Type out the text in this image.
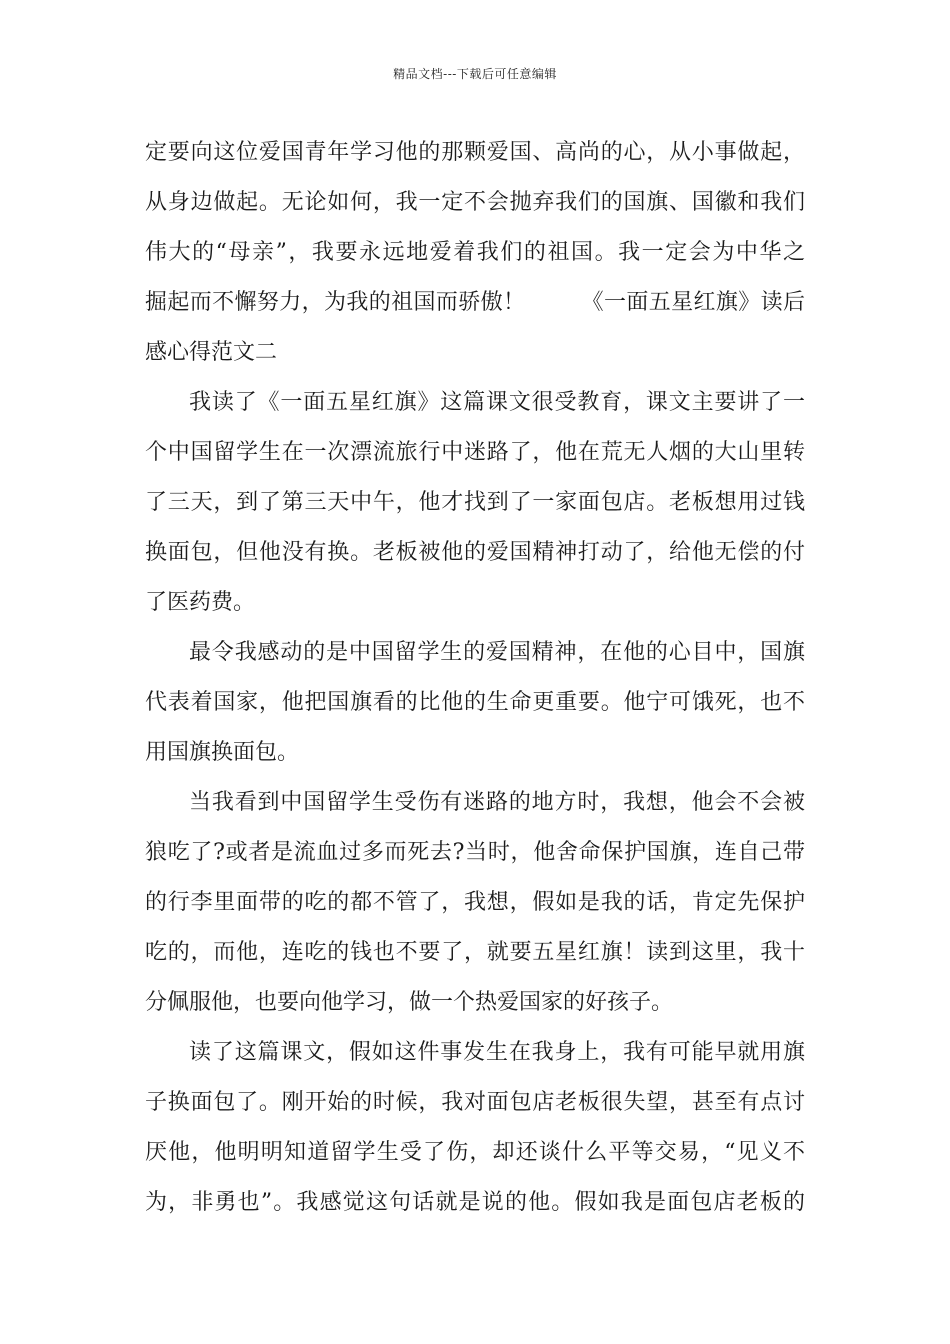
精品文档---下载后可任意编辑
定要向这位爱国青年学习他的那颗爱国、高尚的心，从小事做起，
从身边做起。无论如何，我一定不会抛弃我们的国旗、国徽和我们
伟大的“母亲”，我要永远地爱着我们的祖国。我一定会为中华之
掘起而不懈努力，为我的祖国而骄傲！　　　《一面五星红旗》读后
感心得范文二
我读了《一面五星红旗》这篇课文很受教育，课文主要讲了一
个中国留学生在一次漂流旅行中迷路了，他在荒无人烟的大山里转
了三天，到了第三天中午，他才找到了一家面包店。老板想用过钱
换面包，但他没有换。老板被他的爱国精神打动了，给他无偿的付
了医药费。
最令我感动的是中国留学生的爱国精神，在他的心目中，国旗
代表着国家，他把国旗看的比他的生命更重要。他宁可饿死，也不
用国旗换面包。
当我看到中国留学生受伤有迷路的地方时，我想，他会不会被
狼吃了?或者是流血过多而死去?当时，他舍命保护国旗，连自己带
的行李里面带的吃的都不管了，我想，假如是我的话，肯定先保护
吃的，而他，连吃的钱也不要了，就要五星红旗！读到这里，我十
分佩服他，也要向他学习，做一个热爱国家的好孩子。
读了这篇课文，假如这件事发生在我身上，我有可能早就用旗
子换面包了。刚开始的时候，我对面包店老板很失望，甚至有点讨
厌他，他明明知道留学生受了伤，却还谈什么平等交易，“见义不
为，非勇也”。我感觉这句话就是说的他。假如我是面包店老板的
